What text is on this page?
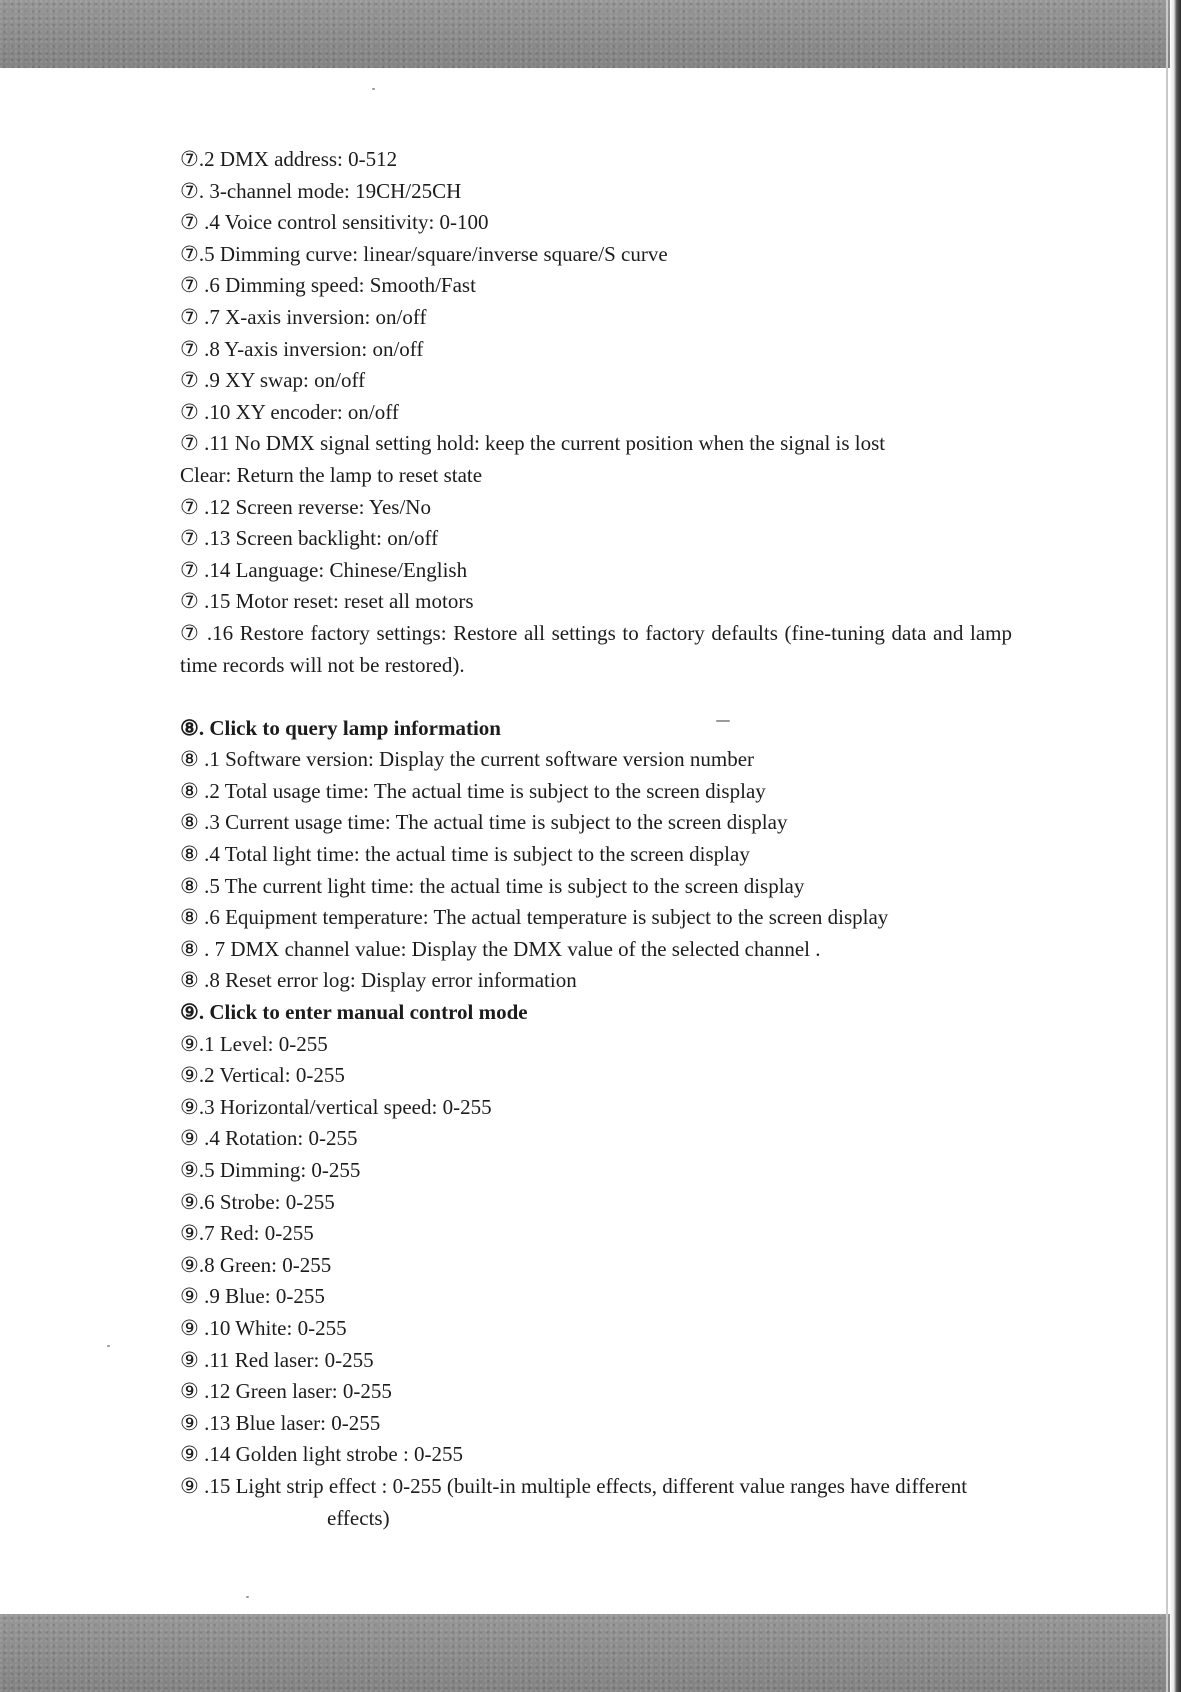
⑦.2 DMX address: 0-512
⑦. 3-channel mode: 19CH/25CH
⑦ .4 Voice control sensitivity: 0-100
⑦.5 Dimming curve: linear/square/inverse square/S curve
⑦ .6 Dimming speed: Smooth/Fast
⑦ .7 X-axis inversion: on/off
⑦ .8 Y-axis inversion: on/off
⑦ .9 XY swap: on/off
⑦ .10 XY encoder: on/off
⑦ .11 No DMX signal setting hold: keep the current position when the signal is lost
Clear: Return the lamp to reset state
⑦ .12 Screen reverse: Yes/No
⑦ .13 Screen backlight: on/off
⑦ .14 Language: Chinese/English
⑦ .15 Motor reset: reset all motors
⑦ .16 Restore factory settings: Restore all settings to factory defaults (fine-tuning data and lamp time records will not be restored).
⑧. Click to query lamp information
⑧ .1 Software version: Display the current software version number
⑧ .2 Total usage time: The actual time is subject to the screen display
⑧ .3 Current usage time: The actual time is subject to the screen display
⑧ .4 Total light time: the actual time is subject to the screen display
⑧ .5 The current light time: the actual time is subject to the screen display
⑧ .6 Equipment temperature: The actual temperature is subject to the screen display
⑧ . 7 DMX channel value: Display the DMX value of the selected channel .
⑧ .8 Reset error log: Display error information
⑨. Click to enter manual control mode
⑨.1 Level: 0-255
⑨.2 Vertical: 0-255
⑨.3 Horizontal/vertical speed: 0-255
⑨ .4 Rotation: 0-255
⑨.5 Dimming: 0-255
⑨.6 Strobe: 0-255
⑨.7 Red: 0-255
⑨.8 Green: 0-255
⑨ .9 Blue: 0-255
⑨ .10 White: 0-255
⑨ .11 Red laser: 0-255
⑨ .12 Green laser: 0-255
⑨ .13 Blue laser: 0-255
⑨ .14 Golden light strobe : 0-255
⑨ .15 Light strip effect : 0-255 (built-in multiple effects, different value ranges have different
effects)
